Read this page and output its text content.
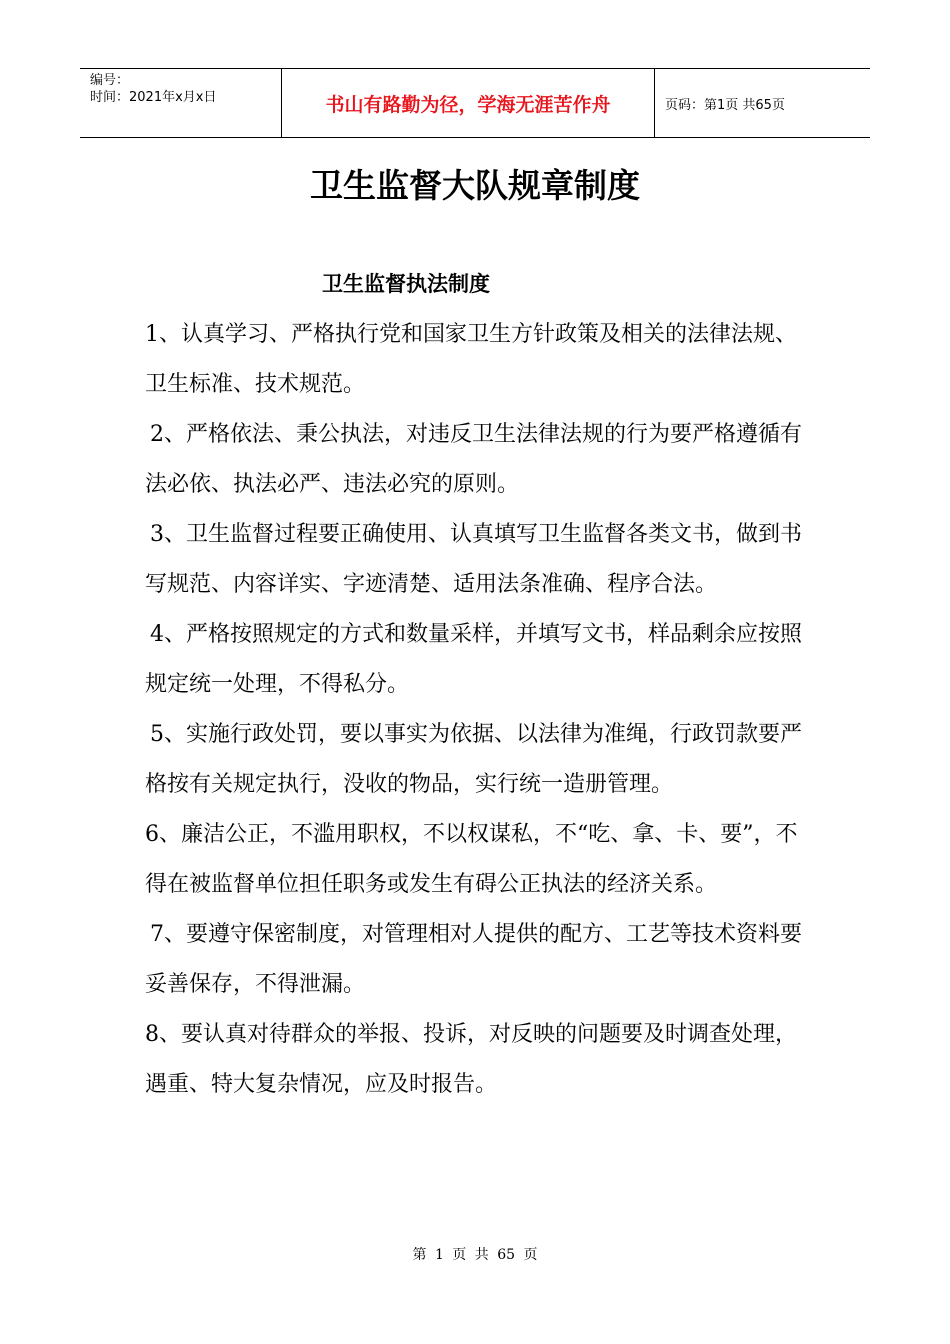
编号：
时间：2021年x月x日	书山有路勤为径，学海无涯苦作舟	页码：第1页 共65页
卫生监督大队规章制度
卫生监督执法制度

1、认真学习、严格执行党和国家卫生方针政策及相关的法律法规、卫生标准、技术规范。

2、严格依法、秉公执法，对违反卫生法律法规的行为要严格遵循有法必依、执法必严、违法必究的原则。

3、卫生监督过程要正确使用、认真填写卫生监督各类文书，做到书写规范、内容详实、字迹清楚、适用法条准确、程序合法。

4、严格按照规定的方式和数量采样，并填写文书，样品剩余应按照规定统一处理，不得私分。

5、实施行政处罚，要以事实为依据、以法律为准绳，行政罚款要严格按有关规定执行，没收的物品，实行统一造册管理。

6、廉洁公正，不滥用职权，不以权谋私，不“吃、拿、卡、要”，不得在被监督单位担任职务或发生有碍公正执法的经济关系。

7、要遵守保密制度，对管理相对人提供的配方、工艺等技术资料要妥善保存，不得泄漏。

8、要认真对待群众的举报、投诉，对反映的问题要及时调查处理，遇重、特大复杂情况，应及时报告。

第 1 页 共 65 页
